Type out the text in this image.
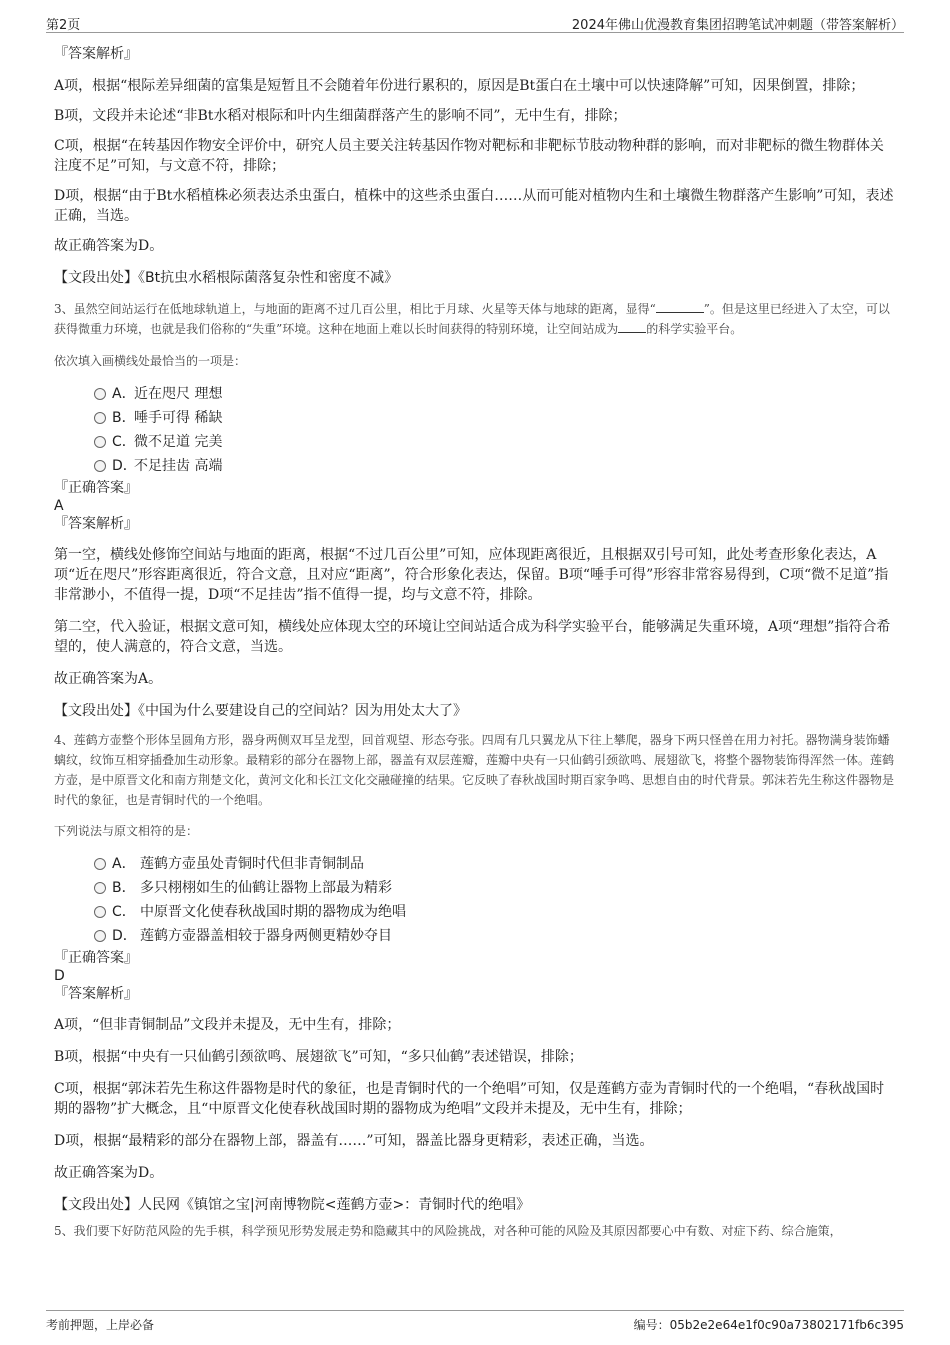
第2页	2024年佛山优漫教育集团招聘笔试冲刺题（带答案解析）

『答案解析』

A项，根据“根际差异细菌的富集是短暂且不会随着年份进行累积的，原因是Bt蛋白在土壤中可以快速降解”可知，因果倒置，排除；

B项，文段并未论述“非Bt水稻对根际和叶内生细菌群落产生的影响不同”，无中生有，排除；

C项，根据“在转基因作物安全评价中，研究人员主要关注转基因作物对靶标和非靶标节肢动物种群的影响，而对非靶标的微生物群体关注度不足”可知，与文意不符，排除；

D项，根据“由于Bt水稻植株必须表达杀虫蛋白，植株中的这些杀虫蛋白……从而可能对植物内生和土壤微生物群落产生影响”可知，表述正确，当选。

故正确答案为D。

【文段出处】《Bt抗虫水稻根际菌落复杂性和密度不减》

3、虽然空间站运行在低地球轨道上，与地面的距离不过几百公里，相比于月球、火星等天体与地球的距离，显得“	”。但是这里已经进入了太空，可以获得微重力环境，也就是我们俗称的“失重”环境。这种在地面上难以长时间获得的特别环境，让空间站成为 的科学实验平台。

依次填入画横线处最恰当的一项是：

A．
近在咫尺 理想
B．
唾手可得 稀缺
C．
微不足道 完美
D．
不足挂齿 高端

『正确答案』

A

『答案解析』

第一空，横线处修饰空间站与地面的距离，根据“不过几百公里”可知，应体现距离很近，且根据双引号可知，此处考查形象化表达，A项“近在咫尺”形容距离很近，符合文意，且对应“距离”，符合形象化表达，保留。B项“唾手可得”形容非常容易得到，C项“微不足道”指非常渺小，不值得一提，D项“不足挂齿”指不值得一提，均与文意不符，排除。

第二空，代入验证，根据文意可知，横线处应体现太空的环境让空间站适合成为科学实验平台，能够满足失重环境，A项“理想”指符合希望的，使人满意的，符合文意，当选。

故正确答案为A。

【文段出处】《中国为什么要建设自己的空间站？因为用处太大了》

4、莲鹤方壶整个形体呈圆角方形，器身两侧双耳呈龙型，回首观望、形态夸张。四周有几只翼龙从下往上攀爬，器身下两只怪兽在用力衬托。器物满身装饰蟠螭纹，纹饰互相穿插叠加生动形象。最精彩的部分在器物上部，器盖有双层莲瓣，莲瓣中央有一只仙鹤引颈欲鸣、展翅欲飞，将整个器物装饰得浑然一体。莲鹤方壶，是中原晋文化和南方荆楚文化，黄河文化和长江文化交融碰撞的结果。它反映了春秋战国时期百家争鸣、思想自由的时代背景。郭沫若先生称这件器物是时代的象征，也是青铜时代的一个绝唱。

下列说法与原文相符的是：

A． 莲鹤方壶虽处青铜时代但非青铜制品
B． 多只栩栩如生的仙鹤让器物上部最为精彩
C． 中原晋文化使春秋战国时期的器物成为绝唱
D． 莲鹤方壶器盖相较于器身两侧更精妙夺目

『正确答案』

D

『答案解析』

A项，“但非青铜制品”文段并未提及，无中生有，排除；

B项，根据“中央有一只仙鹤引颈欲鸣、展翅欲飞”可知，“多只仙鹤”表述错误，排除；

C项，根据“郭沫若先生称这件器物是时代的象征，也是青铜时代的一个绝唱”可知，仅是莲鹤方壶为青铜时代的一个绝唱，“春秋战国时期的器物”扩大概念，且“中原晋文化使春秋战国时期的器物成为绝唱”文段并未提及，无中生有，排除；

D项，根据“最精彩的部分在器物上部，器盖有……”可知，器盖比器身更精彩，表述正确，当选。

故正确答案为D。

【文段出处】人民网《镇馆之宝|河南博物院<莲鹤方壶>：青铜时代的绝唱》

5、我们要下好防范风险的先手棋，科学预见形势发展走势和隐藏其中的风险挑战，对各种可能的风险及其原因都要心中有数、对症下药、综合施策，

考前押题，上岸必备	编号：05b2e2e64e1f0c90a73802171fb6c395
